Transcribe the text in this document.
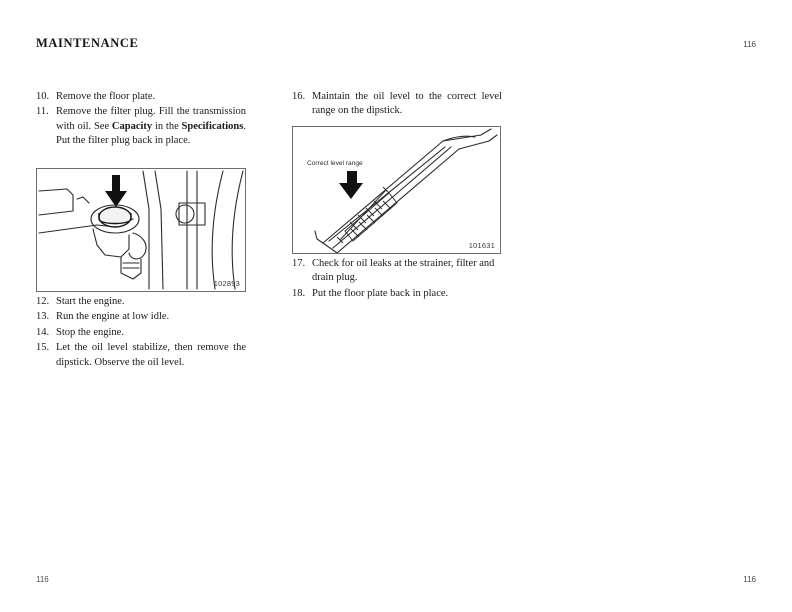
MAINTENANCE	116
10. Remove the floor plate.
11. Remove the filter plug. Fill the transmission with oil. See Capacity in the Specifications. Put the filter plug back in place.
102893
12. Start the engine.
13. Run the engine at low idle.
14. Stop the engine.
15. Let the oil level stabilize, then remove the dipstick. Observe the oil level.
16. Maintain the oil level to the correct level range on the dipstick.
Correct level range
101631
17. Check for oil leaks at the strainer, filter and drain plug.
18. Put the floor plate back in place.
116	116
